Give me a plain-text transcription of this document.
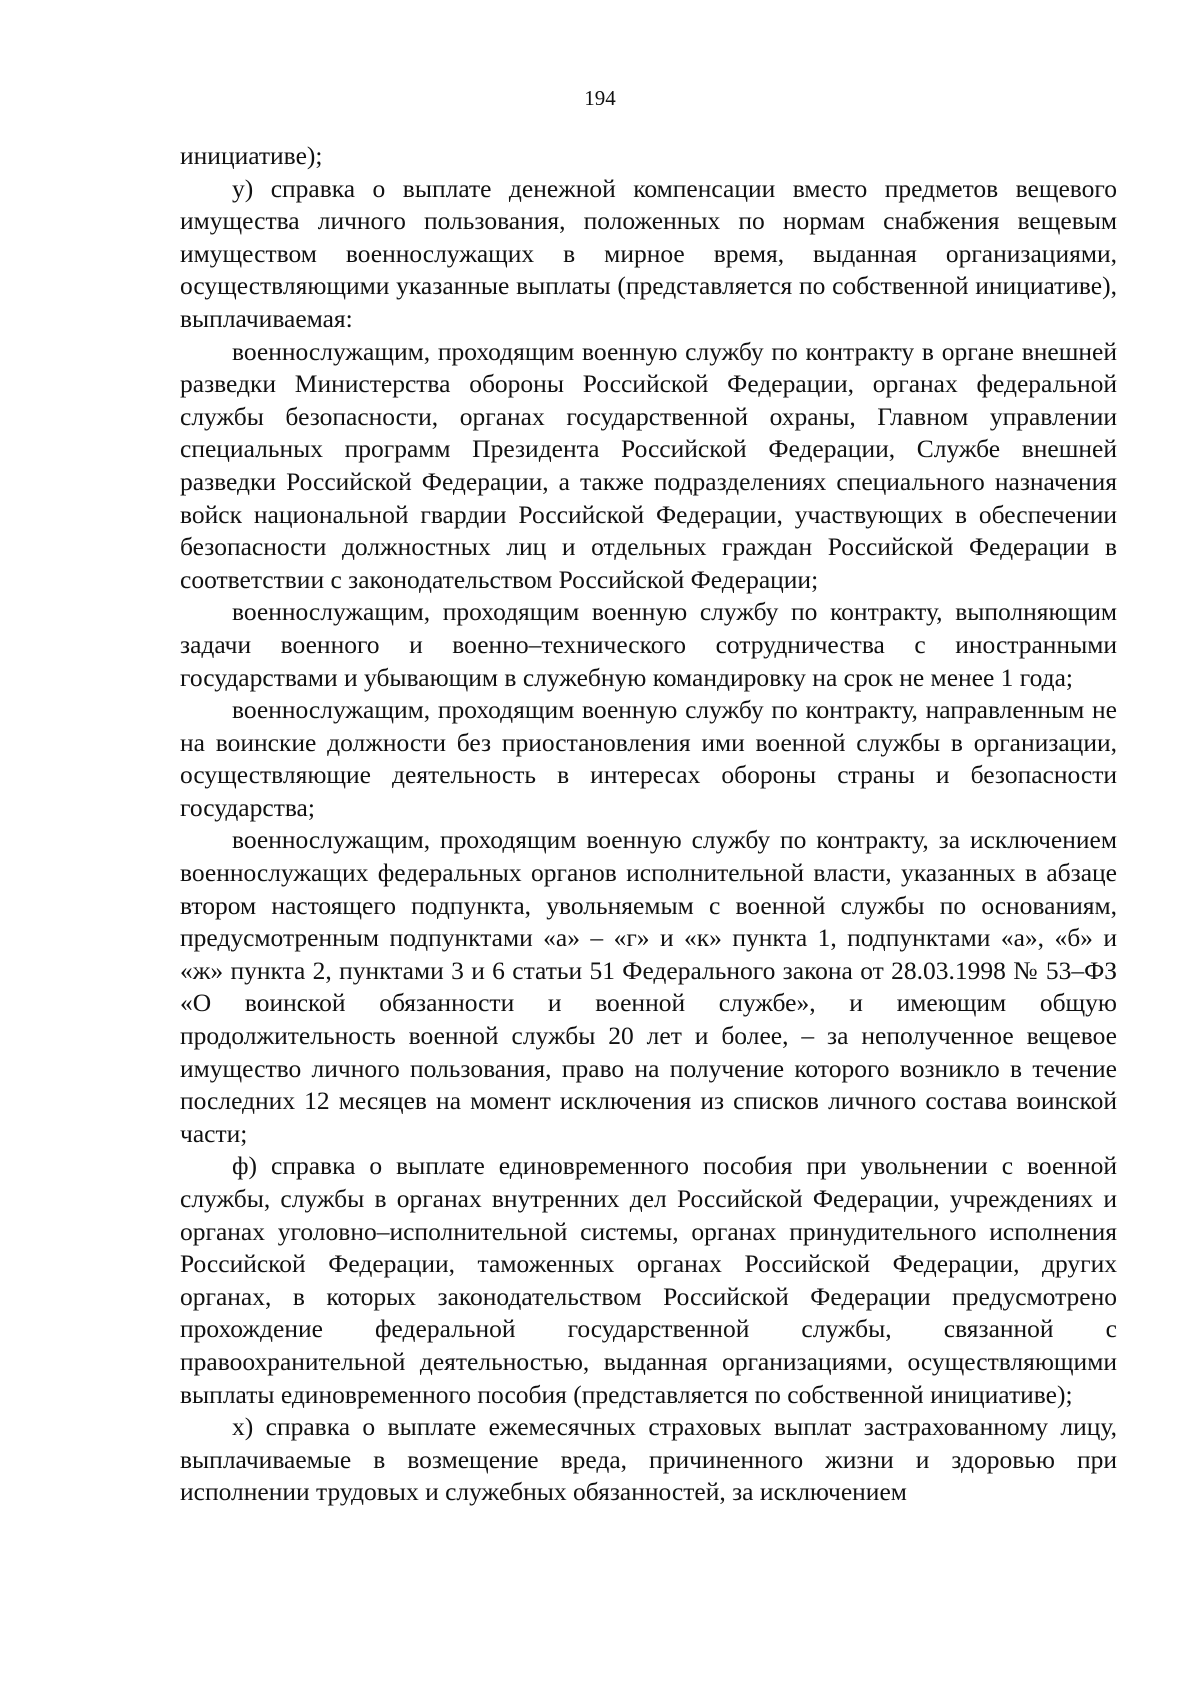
194

инициативе);

у) справка о выплате денежной компенсации вместо предметов вещевого имущества личного пользования, положенных по нормам снабжения вещевым имуществом военнослужащих в мирное время, выданная организациями, осуществляющими указанные выплаты (представляется по собственной инициативе), выплачиваемая:

военнослужащим, проходящим военную службу по контракту в органе внешней разведки Министерства обороны Российской Федерации, органах федеральной службы безопасности, органах государственной охраны, Главном управлении специальных программ Президента Российской Федерации, Службе внешней разведки Российской Федерации, а также подразделениях специального назначения войск национальной гвардии Российской Федерации, участвующих в обеспечении безопасности должностных лиц и отдельных граждан Российской Федерации в соответствии с законодательством Российской Федерации;

военнослужащим, проходящим военную службу по контракту, выполняющим задачи военного и военно–технического сотрудничества с иностранными государствами и убывающим в служебную командировку на срок не менее 1 года;

военнослужащим, проходящим военную службу по контракту, направленным не на воинские должности без приостановления ими военной службы в организации, осуществляющие деятельность в интересах обороны страны и безопасности государства;

военнослужащим, проходящим военную службу по контракту, за исключением военнослужащих федеральных органов исполнительной власти, указанных в абзаце втором настоящего подпункта, увольняемым с военной службы по основаниям, предусмотренным подпунктами «а» – «г» и «к» пункта 1, подпунктами «а», «б» и «ж» пункта 2, пунктами 3 и 6 статьи 51 Федерального закона от 28.03.1998 № 53–ФЗ «О воинской обязанности и военной службе», и имеющим общую продолжительность военной службы 20 лет и более, – за неполученное вещевое имущество личного пользования, право на получение которого возникло в течение последних 12 месяцев на момент исключения из списков личного состава воинской части;

ф) справка о выплате единовременного пособия при увольнении с военной службы, службы в органах внутренних дел Российской Федерации, учреждениях и органах уголовно–исполнительной системы, органах принудительного исполнения Российской Федерации, таможенных органах Российской Федерации, других органах, в которых законодательством Российской Федерации предусмотрено прохождение федеральной государственной службы, связанной с правоохранительной деятельностью, выданная организациями, осуществляющими выплаты единовременного пособия (представляется по собственной инициативе);

х) справка о выплате ежемесячных страховых выплат застрахованному лицу, выплачиваемые в возмещение вреда, причиненного жизни и здоровью при исполнении трудовых и служебных обязанностей, за исключением
